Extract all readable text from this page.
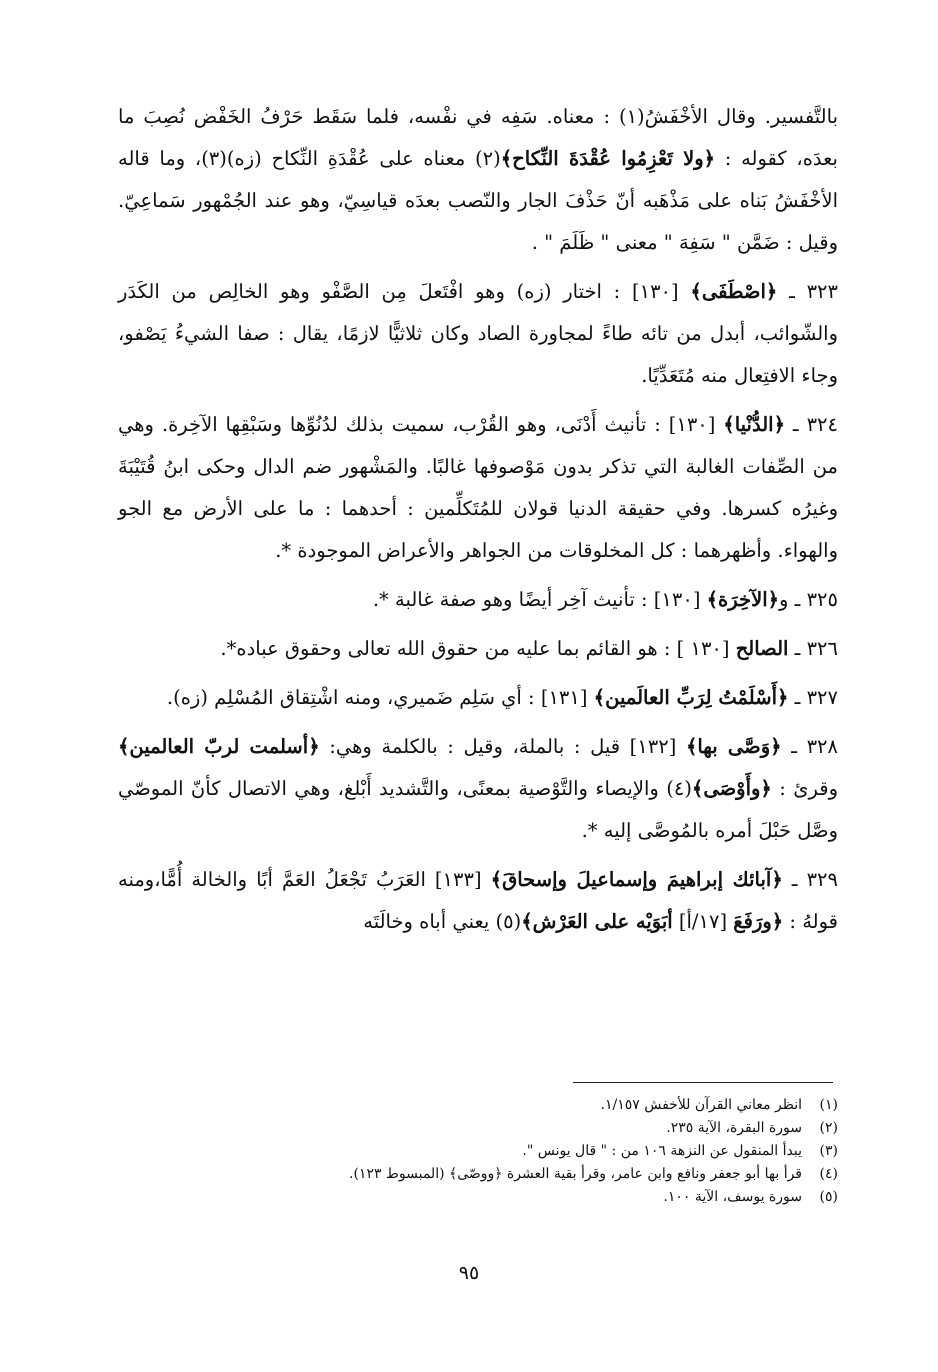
بالتَّفسير. وقال الأخْفَشُ(١) : معناه. سَفِه في نفْسه، فلما سَقَط حَرْفُ الخَفْض نُصِبَ ما بعدَه، كقوله : ﴿ولا تَعْزِمُوا عُقْدَةَ النِّكاح﴾(٢) معناه على عُقْدَةِ النِّكاح (زه)(٣)، وما قاله الأخْفَشُ بَناه على مَذْهَبه أنّ حَذْفَ الجار والنّصب بعدَه قياسِيّ، وهو عند الجُمْهور سَماعِيّ. وقيل : ضَمَّن " سَفِهَ " معنى " ظَلَمَ " .

٣٢٣ ـ ﴿اصْطَفَى﴾ [١٣٠] : اختار (زه) وهو افْتَعلَ مِن الصَّفْو وهو الخالِص من الكَدَر والشّوائب، أبدل من تائه طاءً لمجاورة الصاد وكان ثلاثيًّا لازمًا، يقال : صفا الشيءُ يَصْفو، وجاء الافتِعال منه مُتَعَدِّيًا.

٣٢٤ ـ ﴿الدُّنْيا﴾ [١٣٠] : تأنيث أَدْنَى، وهو القُرْب، سميت بذلك لدُنُوِّها وسَبْقِها الآخِرة. وهي من الصِّفات الغالبة التي تذكر بدون مَوْصوفها غالبًا. والمَشْهور ضم الدال وحكى ابنُ قُتَيْبَةَ وغيرُه كسرها. وفي حقيقة الدنيا قولان للمُتَكلِّمين : أحدهما : ما على الأرض مع الجو والهواء. وأظهرهما : كل المخلوقات من الجواهر والأعراض الموجودة *.

٣٢٥ ـ و﴿الآخِرَة﴾ [١٣٠] : تأنيث آخِر أيضًا وهو صفة غالبة *.

٣٢٦ ـ الصالح [١٣٠ ] : هو القائم بما عليه من حقوق الله تعالى وحقوق عباده*.

٣٢٧ ـ ﴿أَسْلَمْتُ لِرَبِّ العالَمين﴾ [١٣١] : أي سَلِم ضَميري، ومنه اشْتِقاق المُسْلِم (زه).

٣٢٨ ـ ﴿وَصَّى بها﴾ [١٣٢] قيل : بالملة، وقيل : بالكلمة وهي: ﴿أسلمت لربّ العالمين﴾ وقرئ : ﴿وأَوْصَى﴾(٤) والإيصاء والتَّوْصية بمعنًى، والتَّشديد أَبْلغ، وهي الاتصال كأنّ الموصّي وصَّل حَبْلَ أمره بالمُوصَّى إليه *.

٣٢٩ ـ ﴿آبائك إبراهيمَ وإسماعيلَ وإسحاقَ﴾ [١٣٣] العَرَبُ تَجْعَلُ العَمَّ أبًا والخالة أُمًّا،ومنه قولهُ : ﴿ورَفَعَ [١٧/أ] أبَوَيْه على العَرْش﴾(٥) يعني أباه وخالَتَه

(١)انظر معاني القرآن للأخفش ١/١٥٧.
(٢)سورة البقرة، الآية ٢٣٥.
(٣)يبدأ المنقول عن النزهة ١٠٦ من : " قال يونس ".
(٤)قرأ بها أبو جعفر ونافع وابن عامر، وقرأ بقية العشرة ﴿ووصّى﴾ (المبسوط ١٢٣).
(٥)سورة يوسف، الآية ١٠٠.
٩٥
